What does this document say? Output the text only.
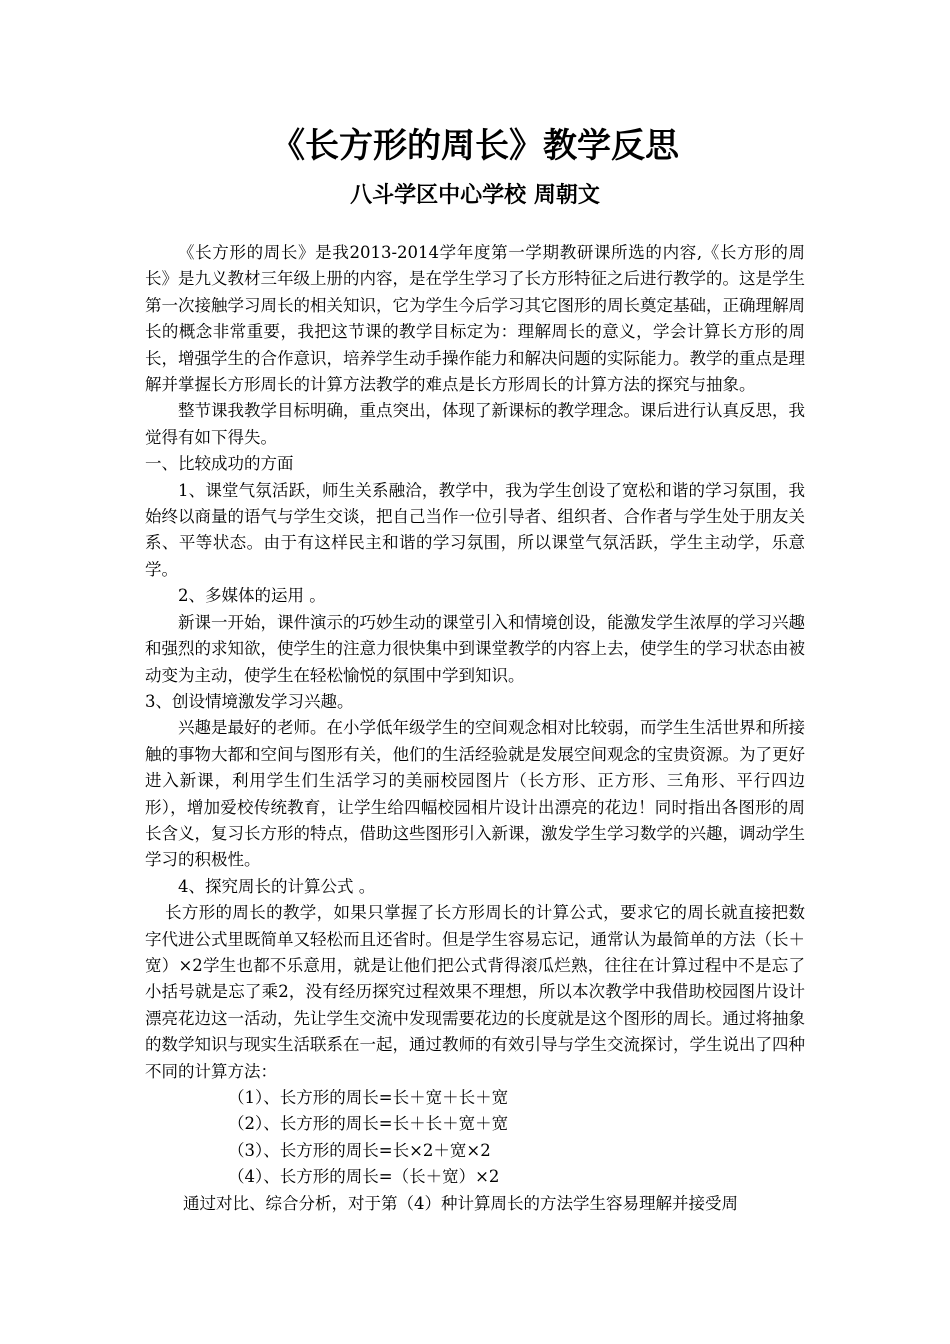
《长方形的周长》教学反思
八斗学区中心学校 周朝文

《长方形的周长》是我2013-2014学年度第一学期教研课所选的内容,《长方形的周长》是九义教材三年级上册的内容，是在学生学习了长方形特征之后进行教学的。这是学生第一次接触学习周长的相关知识，它为学生今后学习其它图形的周长奠定基础，正确理解周长的概念非常重要，我把这节课的教学目标定为：理解周长的意义，学会计算长方形的周长，增强学生的合作意识，培养学生动手操作能力和解决问题的实际能力。教学的重点是理解并掌握长方形周长的计算方法教学的难点是长方形周长的计算方法的探究与抽象。

整节课我教学目标明确，重点突出，体现了新课标的教学理念。课后进行认真反思，我觉得有如下得失。

一、比较成功的方面

1、课堂气氛活跃，师生关系融洽，教学中，我为学生创设了宽松和谐的学习氛围，我始终以商量的语气与学生交谈，把自己当作一位引导者、组织者、合作者与学生处于朋友关系、平等状态。由于有这样民主和谐的学习氛围，所以课堂气氛活跃，学生主动学，乐意学。

2、多媒体的运用 。

新课一开始，课件演示的巧妙生动的课堂引入和情境创设，能激发学生浓厚的学习兴趣和强烈的求知欲，使学生的注意力很快集中到课堂教学的内容上去，使学生的学习状态由被动变为主动，使学生在轻松愉悦的氛围中学到知识。

3、创设情境激发学习兴趣。

兴趣是最好的老师。在小学低年级学生的空间观念相对比较弱，而学生生活世界和所接触的事物大都和空间与图形有关，他们的生活经验就是发展空间观念的宝贵资源。为了更好进入新课，利用学生们生活学习的美丽校园图片（长方形、正方形、三角形、平行四边形），增加爱校传统教育，让学生给四幅校园相片设计出漂亮的花边！同时指出各图形的周长含义，复习长方形的特点，借助这些图形引入新课，激发学生学习数学的兴趣，调动学生学习的积极性。

4、探究周长的计算公式 。

长方形的周长的教学，如果只掌握了长方形周长的计算公式，要求它的周长就直接把数字代进公式里既简单又轻松而且还省时。但是学生容易忘记，通常认为最简单的方法（长＋宽）×2学生也都不乐意用，就是让他们把公式背得滚瓜烂熟，往往在计算过程中不是忘了小括号就是忘了乘2，没有经历探究过程效果不理想，所以本次教学中我借助校园图片设计漂亮花边这一活动，先让学生交流中发现需要花边的长度就是这个图形的周长。通过将抽象的数学知识与现实生活联系在一起，通过教师的有效引导与学生交流探讨，学生说出了四种不同的计算方法：

（1）、长方形的周长=长＋宽＋长＋宽

（2）、长方形的周长=长＋长＋宽＋宽

（3）、长方形的周长=长×2＋宽×2

（4）、长方形的周长=（长＋宽）×2

通过对比、综合分析，对于第（4）种计算周长的方法学生容易理解并接受周
